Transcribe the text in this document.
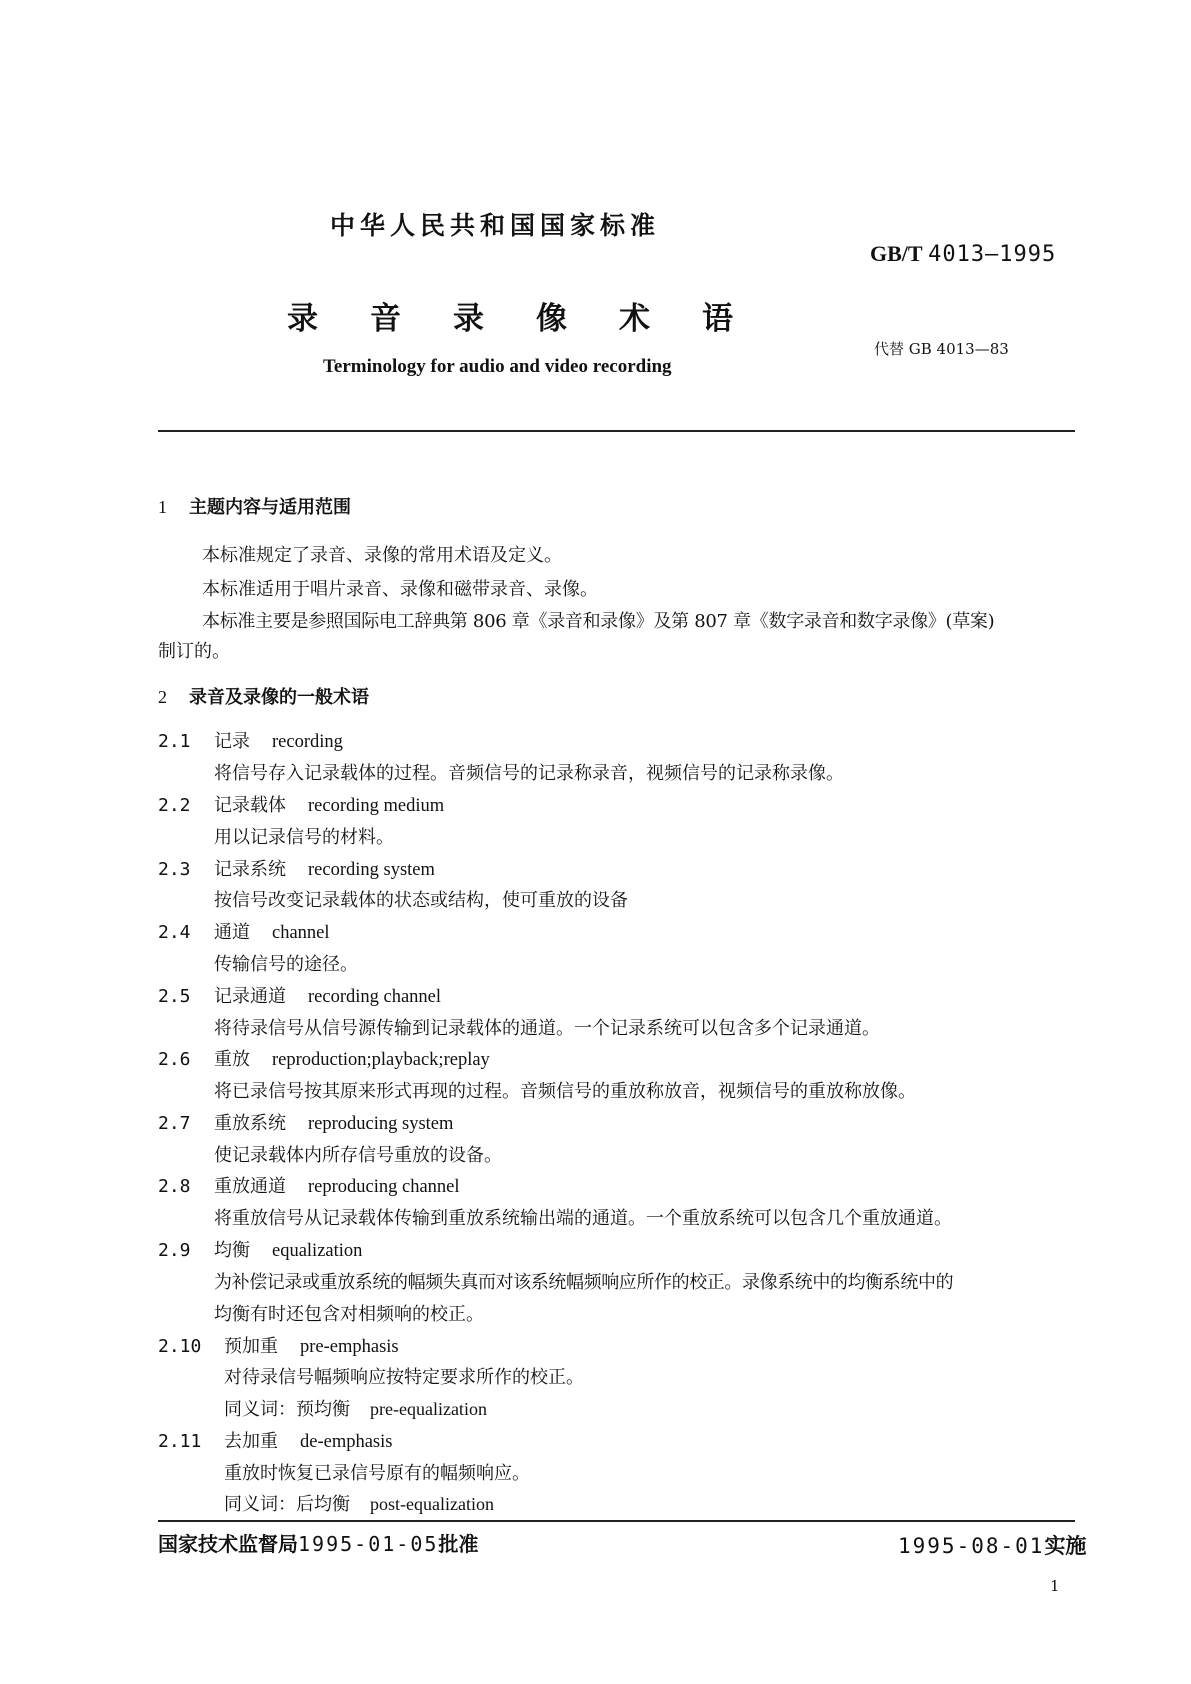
中华人民共和国国家标准
录音录像术语
Terminology for audio and video recording
GB/T 4013—1995
代替 GB 4013—83
1 主题内容与适用范围
本标准规定了录音、录像的常用术语及定义。
本标准适用于唱片录音、录像和磁带录音、录像。
本标准主要是参照国际电工辞典第 806 章《录音和录像》及第 807 章《数字录音和数字录像》(草案)
制订的。
2 录音及录像的一般术语
2.1 记录 recording
将信号存入记录载体的过程。音频信号的记录称录音，视频信号的记录称录像。
2.2 记录载体 recording medium
用以记录信号的材料。
2.3 记录系统 recording system
按信号改变记录载体的状态或结构，使可重放的设备
2.4 通道 channel
传输信号的途径。
2.5 记录通道 recording channel
将待录信号从信号源传输到记录载体的通道。一个记录系统可以包含多个记录通道。
2.6 重放 reproduction;playback;replay
将已录信号按其原来形式再现的过程。音频信号的重放称放音，视频信号的重放称放像。
2.7 重放系统 reproducing system
使记录载体内所存信号重放的设备。
2.8 重放通道 reproducing channel
将重放信号从记录载体传输到重放系统输出端的通道。一个重放系统可以包含几个重放通道。
2.9 均衡 equalization
为补偿记录或重放系统的幅频失真而对该系统幅频响应所作的校正。录像系统中的均衡系统中的
均衡有时还包含对相频响的校正。
2.10 预加重 pre-emphasis
对待录信号幅频响应按特定要求所作的校正。
同义词：预均衡 pre-equalization
2.11 去加重 de-emphasis
重放时恢复已录信号原有的幅频响应。
同义词：后均衡 post-equalization
国家技术监督局1995-01-05批准	1995-08-01实施
1
